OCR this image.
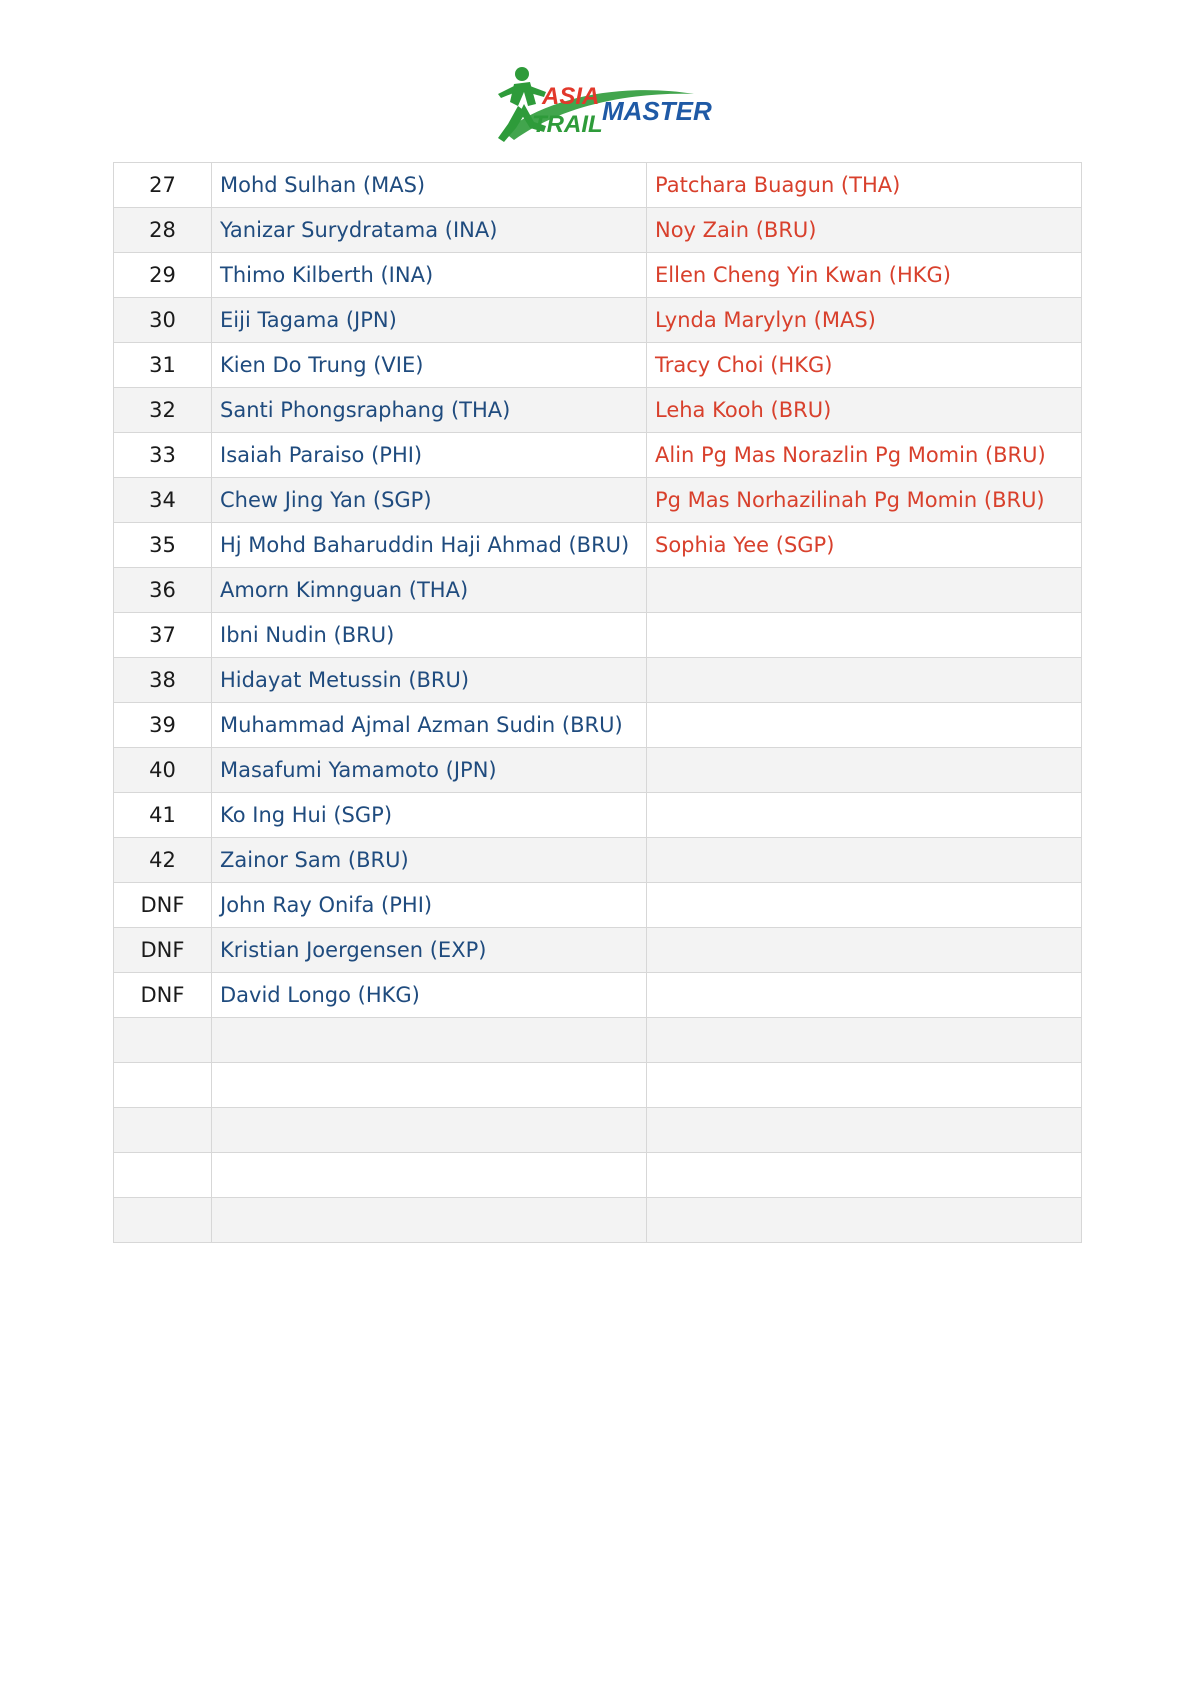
ASIA
TRAIL MASTER
27	Mohd Sulhan (MAS)	Patchara Buagun (THA)
28	Yanizar Surydratama (INA)	Noy Zain (BRU)
29	Thimo Kilberth (INA)	Ellen Cheng Yin Kwan (HKG)
30	Eiji Tagama (JPN)	Lynda Marylyn (MAS)
31	Kien Do Trung (VIE)	Tracy Choi (HKG)
32	Santi Phongsraphang (THA)	Leha Kooh (BRU)
33	Isaiah Paraiso (PHI)	Alin Pg Mas Norazlin Pg Momin (BRU)
34	Chew Jing Yan (SGP)	Pg Mas Norhazilinah Pg Momin (BRU)
35	Hj Mohd Baharuddin Haji Ahmad (BRU)	Sophia Yee (SGP)
36	Amorn Kimnguan (THA)	
37	Ibni Nudin (BRU)	
38	Hidayat Metussin (BRU)	
39	Muhammad Ajmal Azman Sudin (BRU)	
40	Masafumi Yamamoto (JPN)	
41	Ko Ing Hui (SGP)	
42	Zainor Sam (BRU)	
DNF	John Ray Onifa (PHI)	
DNF	Kristian Joergensen (EXP)	
DNF	David Longo (HKG)	
